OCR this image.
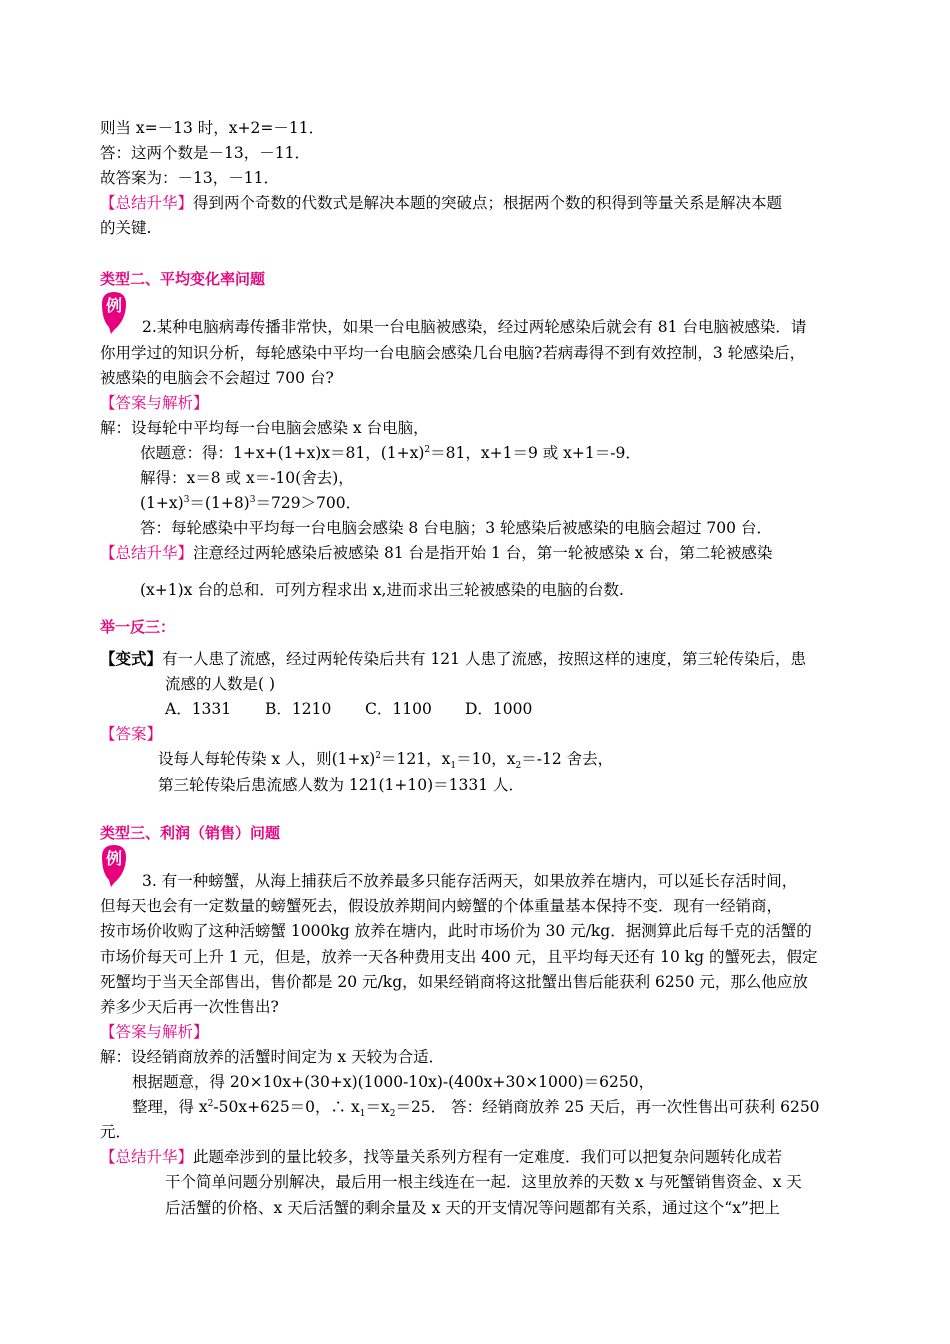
则当 x=－13 时，x+2=－11．
答：这两个数是－13，－11．
故答案为：－13，－11．
【总结升华】得到两个奇数的代数式是解决本题的突破点；根据两个数的积得到等量关系是解决本题
的关键.
类型二、平均变化率问题
例
2.某种电脑病毒传播非常快，如果一台电脑被感染，经过两轮感染后就会有 81 台电脑被感染．请
你用学过的知识分析，每轮感染中平均一台电脑会感染几台电脑?若病毒得不到有效控制，3 轮感染后，
被感染的电脑会不会超过 700 台?
【答案与解析】
解：设每轮中平均每一台电脑会感染 x 台电脑，
依题意：得：1+x+(1+x)x＝81，$(1+x)^2=81$，x+1＝9 或 x+1＝-9．
解得：x＝8 或 x＝-10(舍去)，
$(1+x)^3=(1+8)^3=729>700$．
答：每轮感染中平均每一台电脑会感染 8 台电脑；3 轮感染后被感染的电脑会超过 700 台．
【总结升华】注意经过两轮感染后被感染 81 台是指开始 1 台，第一轮被感染 x 台，第二轮被感染
(x+1)x 台的总和．可列方程求出 x,进而求出三轮被感染的电脑的台数.
举一反三：
【变式】有一人患了流感，经过两轮传染后共有 121 人患了流感，按照这样的速度，第三轮传染后，患
流感的人数是( )
A．1331 B．1210 C．1100 D．1000
【答案】
设每人每轮传染 x 人，则$(1+x)^2=121$，$x_1=10$，$x_2=-12$ 舍去，
第三轮传染后患流感人数为 121(1+10)＝1331 人．
类型三、利润（销售）问题
例
3. 有一种螃蟹，从海上捕获后不放养最多只能存活两天，如果放养在塘内，可以延长存活时间，
但每天也会有一定数量的螃蟹死去，假设放养期间内螃蟹的个体重量基本保持不变．现有一经销商，
按市场价收购了这种活螃蟹 1000kg 放养在塘内，此时市场价为 30 元/kg．据测算此后每千克的活蟹的
市场价每天可上升 1 元，但是，放养一天各种费用支出 400 元，且平均每天还有 10 kg 的蟹死去，假定
死蟹均于当天全部售出，售价都是 20 元/kg，如果经销商将这批蟹出售后能获利 6250 元，那么他应放
养多少天后再一次性售出?
【答案与解析】
解：设经销商放养的活蟹时间定为 x 天较为合适．
根据题意，得 20×10x+(30+x)(1000-10x)-(400x+30×1000)＝6250，
整理，得 $x^2-50x+625=0$，∴ $x_1=x_2=25$． 答：经销商放养 25 天后，再一次性售出可获利 6250
元．
【总结升华】此题牵涉到的量比较多，找等量关系列方程有一定难度．我们可以把复杂问题转化成若
干个简单问题分别解决，最后用一根主线连在一起．这里放养的天数 x 与死蟹销售资金、x 天
后活蟹的价格、x 天后活蟹的剩余量及 x 天的开支情况等问题都有关系，通过这个“x”把上
